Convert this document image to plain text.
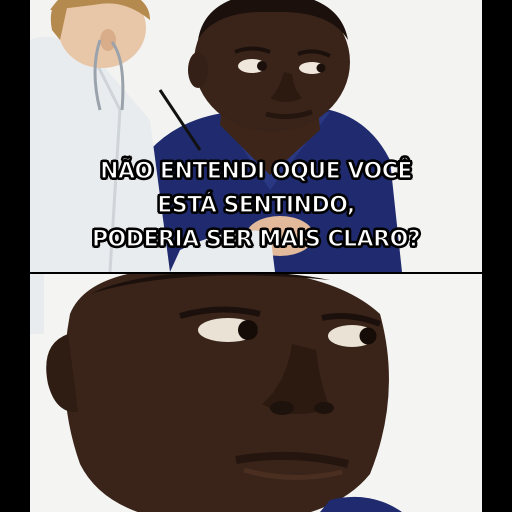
NÃO ENTENDI OQUE VOCÊ
ESTÁ SENTINDO,
PODERIA SER MAIS CLARO?
